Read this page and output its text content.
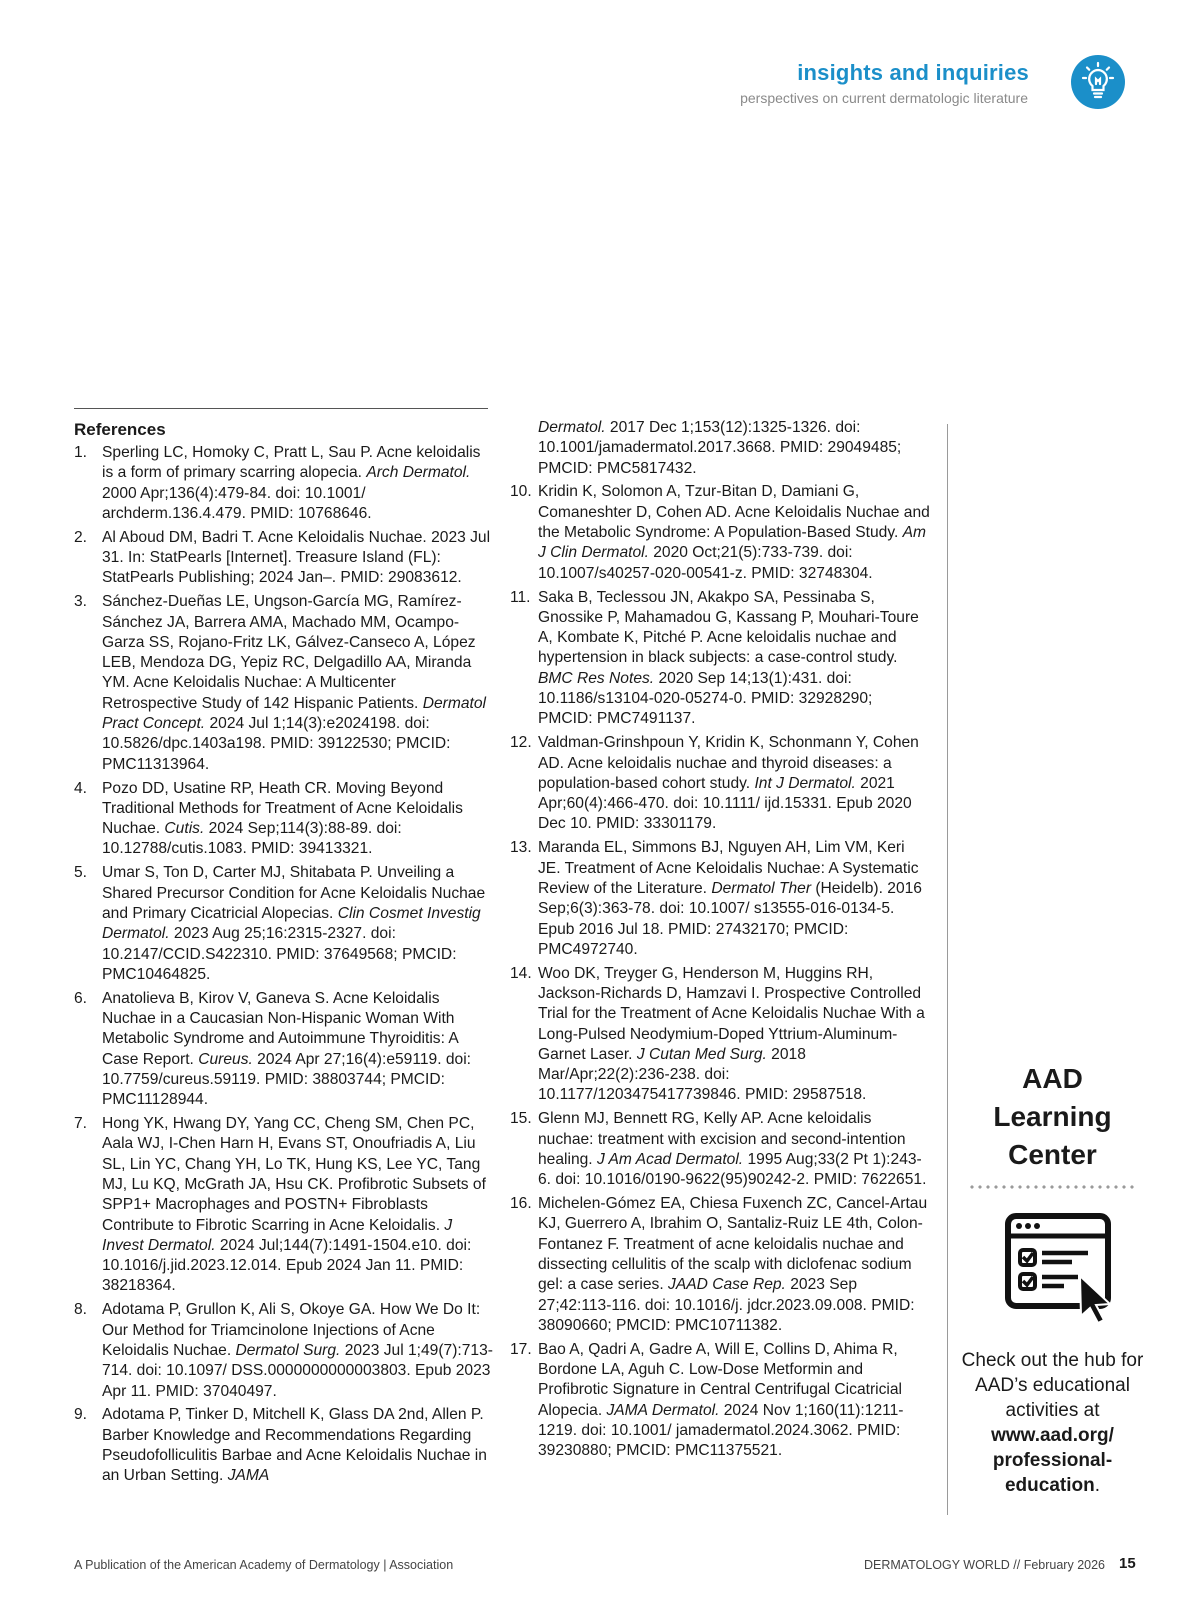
insights and inquiries
perspectives on current dermatologic literature
References
1. Sperling LC, Homoky C, Pratt L, Sau P. Acne keloidalis is a form of primary scarring alopecia. Arch Dermatol. 2000 Apr;136(4):479-84. doi: 10.1001/ archderm.136.4.479. PMID: 10768646.
2. Al Aboud DM, Badri T. Acne Keloidalis Nuchae. 2023 Jul 31. In: StatPearls [Internet]. Treasure Island (FL): StatPearls Publishing; 2024 Jan–. PMID: 29083612.
3. Sánchez-Dueñas LE, Ungson-García MG, Ramírez-Sánchez JA, Barrera AMA, Machado MM, Ocampo-Garza SS, Rojano-Fritz LK, Gálvez-Canseco A, López LEB, Mendoza DG, Yepiz RC, Delgadillo AA, Miranda YM. Acne Keloidalis Nuchae: A Multicenter Retrospective Study of 142 Hispanic Patients. Dermatol Pract Concept. 2024 Jul 1;14(3):e2024198. doi: 10.5826/dpc.1403a198. PMID: 39122530; PMCID: PMC11313964.
4. Pozo DD, Usatine RP, Heath CR. Moving Beyond Traditional Methods for Treatment of Acne Keloidalis Nuchae. Cutis. 2024 Sep;114(3):88-89. doi: 10.12788/cutis.1083. PMID: 39413321.
5. Umar S, Ton D, Carter MJ, Shitabata P. Unveiling a Shared Precursor Condition for Acne Keloidalis Nuchae and Primary Cicatricial Alopecias. Clin Cosmet Investig Dermatol. 2023 Aug 25;16:2315-2327. doi: 10.2147/CCID.S422310. PMID: 37649568; PMCID: PMC10464825.
6. Anatolieva B, Kirov V, Ganeva S. Acne Keloidalis Nuchae in a Caucasian Non-Hispanic Woman With Metabolic Syndrome and Autoimmune Thyroiditis: A Case Report. Cureus. 2024 Apr 27;16(4):e59119. doi: 10.7759/cureus.59119. PMID: 38803744; PMCID: PMC11128944.
7. Hong YK, Hwang DY, Yang CC, Cheng SM, Chen PC, Aala WJ, I-Chen Harn H, Evans ST, Onoufriadis A, Liu SL, Lin YC, Chang YH, Lo TK, Hung KS, Lee YC, Tang MJ, Lu KQ, McGrath JA, Hsu CK. Profibrotic Subsets of SPP1+ Macrophages and POSTN+ Fibroblasts Contribute to Fibrotic Scarring in Acne Keloidalis. J Invest Dermatol. 2024 Jul;144(7):1491-1504.e10. doi: 10.1016/j.jid.2023.12.014. Epub 2024 Jan 11. PMID: 38218364.
8. Adotama P, Grullon K, Ali S, Okoye GA. How We Do It: Our Method for Triamcinolone Injections of Acne Keloidalis Nuchae. Dermatol Surg. 2023 Jul 1;49(7):713-714. doi: 10.1097/ DSS.0000000000003803. Epub 2023 Apr 11. PMID: 37040497.
9. Adotama P, Tinker D, Mitchell K, Glass DA 2nd, Allen P. Barber Knowledge and Recommendations Regarding Pseudofolliculitis Barbae and Acne Keloidalis Nuchae in an Urban Setting. JAMA
Dermatol. 2017 Dec 1;153(12):1325-1326. doi: 10.1001/jamadermatol.2017.3668. PMID: 29049485; PMCID: PMC5817432.
10. Kridin K, Solomon A, Tzur-Bitan D, Damiani G, Comaneshter D, Cohen AD. Acne Keloidalis Nuchae and the Metabolic Syndrome: A Population-Based Study. Am J Clin Dermatol. 2020 Oct;21(5):733-739. doi: 10.1007/s40257-020-00541-z. PMID: 32748304.
11. Saka B, Teclessou JN, Akakpo SA, Pessinaba S, Gnossike P, Mahamadou G, Kassang P, Mouhari-Toure A, Kombate K, Pitché P. Acne keloidalis nuchae and hypertension in black subjects: a case-control study. BMC Res Notes. 2020 Sep 14;13(1):431. doi: 10.1186/s13104-020-05274-0. PMID: 32928290; PMCID: PMC7491137.
12. Valdman-Grinshpoun Y, Kridin K, Schonmann Y, Cohen AD. Acne keloidalis nuchae and thyroid diseases: a population-based cohort study. Int J Dermatol. 2021 Apr;60(4):466-470. doi: 10.1111/ ijd.15331. Epub 2020 Dec 10. PMID: 33301179.
13. Maranda EL, Simmons BJ, Nguyen AH, Lim VM, Keri JE. Treatment of Acne Keloidalis Nuchae: A Systematic Review of the Literature. Dermatol Ther (Heidelb). 2016 Sep;6(3):363-78. doi: 10.1007/ s13555-016-0134-5. Epub 2016 Jul 18. PMID: 27432170; PMCID: PMC4972740.
14. Woo DK, Treyger G, Henderson M, Huggins RH, Jackson-Richards D, Hamzavi I. Prospective Controlled Trial for the Treatment of Acne Keloidalis Nuchae With a Long-Pulsed Neodymium-Doped Yttrium-Aluminum-Garnet Laser. J Cutan Med Surg. 2018 Mar/Apr;22(2):236-238. doi: 10.1177/1203475417739846. PMID: 29587518.
15. Glenn MJ, Bennett RG, Kelly AP. Acne keloidalis nuchae: treatment with excision and second-intention healing. J Am Acad Dermatol. 1995 Aug;33(2 Pt 1):243-6. doi: 10.1016/0190-9622(95)90242-2. PMID: 7622651.
16. Michelen-Gómez EA, Chiesa Fuxench ZC, Cancel-Artau KJ, Guerrero A, Ibrahim O, Santaliz-Ruiz LE 4th, Colon-Fontanez F. Treatment of acne keloidalis nuchae and dissecting cellulitis of the scalp with diclofenac sodium gel: a case series. JAAD Case Rep. 2023 Sep 27;42:113-116. doi: 10.1016/j. jdcr.2023.09.008. PMID: 38090660; PMCID: PMC10711382.
17. Bao A, Qadri A, Gadre A, Will E, Collins D, Ahima R, Bordone LA, Aguh C. Low-Dose Metformin and Profibrotic Signature in Central Centrifugal Cicatricial Alopecia. JAMA Dermatol. 2024 Nov 1;160(11):1211-1219. doi: 10.1001/ jamadermatol.2024.3062. PMID: 39230880; PMCID: PMC11375521.
AAD
Learning
Center
Check out the hub for AAD’s educational activities at
www.aad.org/
professional-
education.
A Publication of the American Academy of Dermatology | Association	DERMATOLOGY WORLD // February 2026 15
